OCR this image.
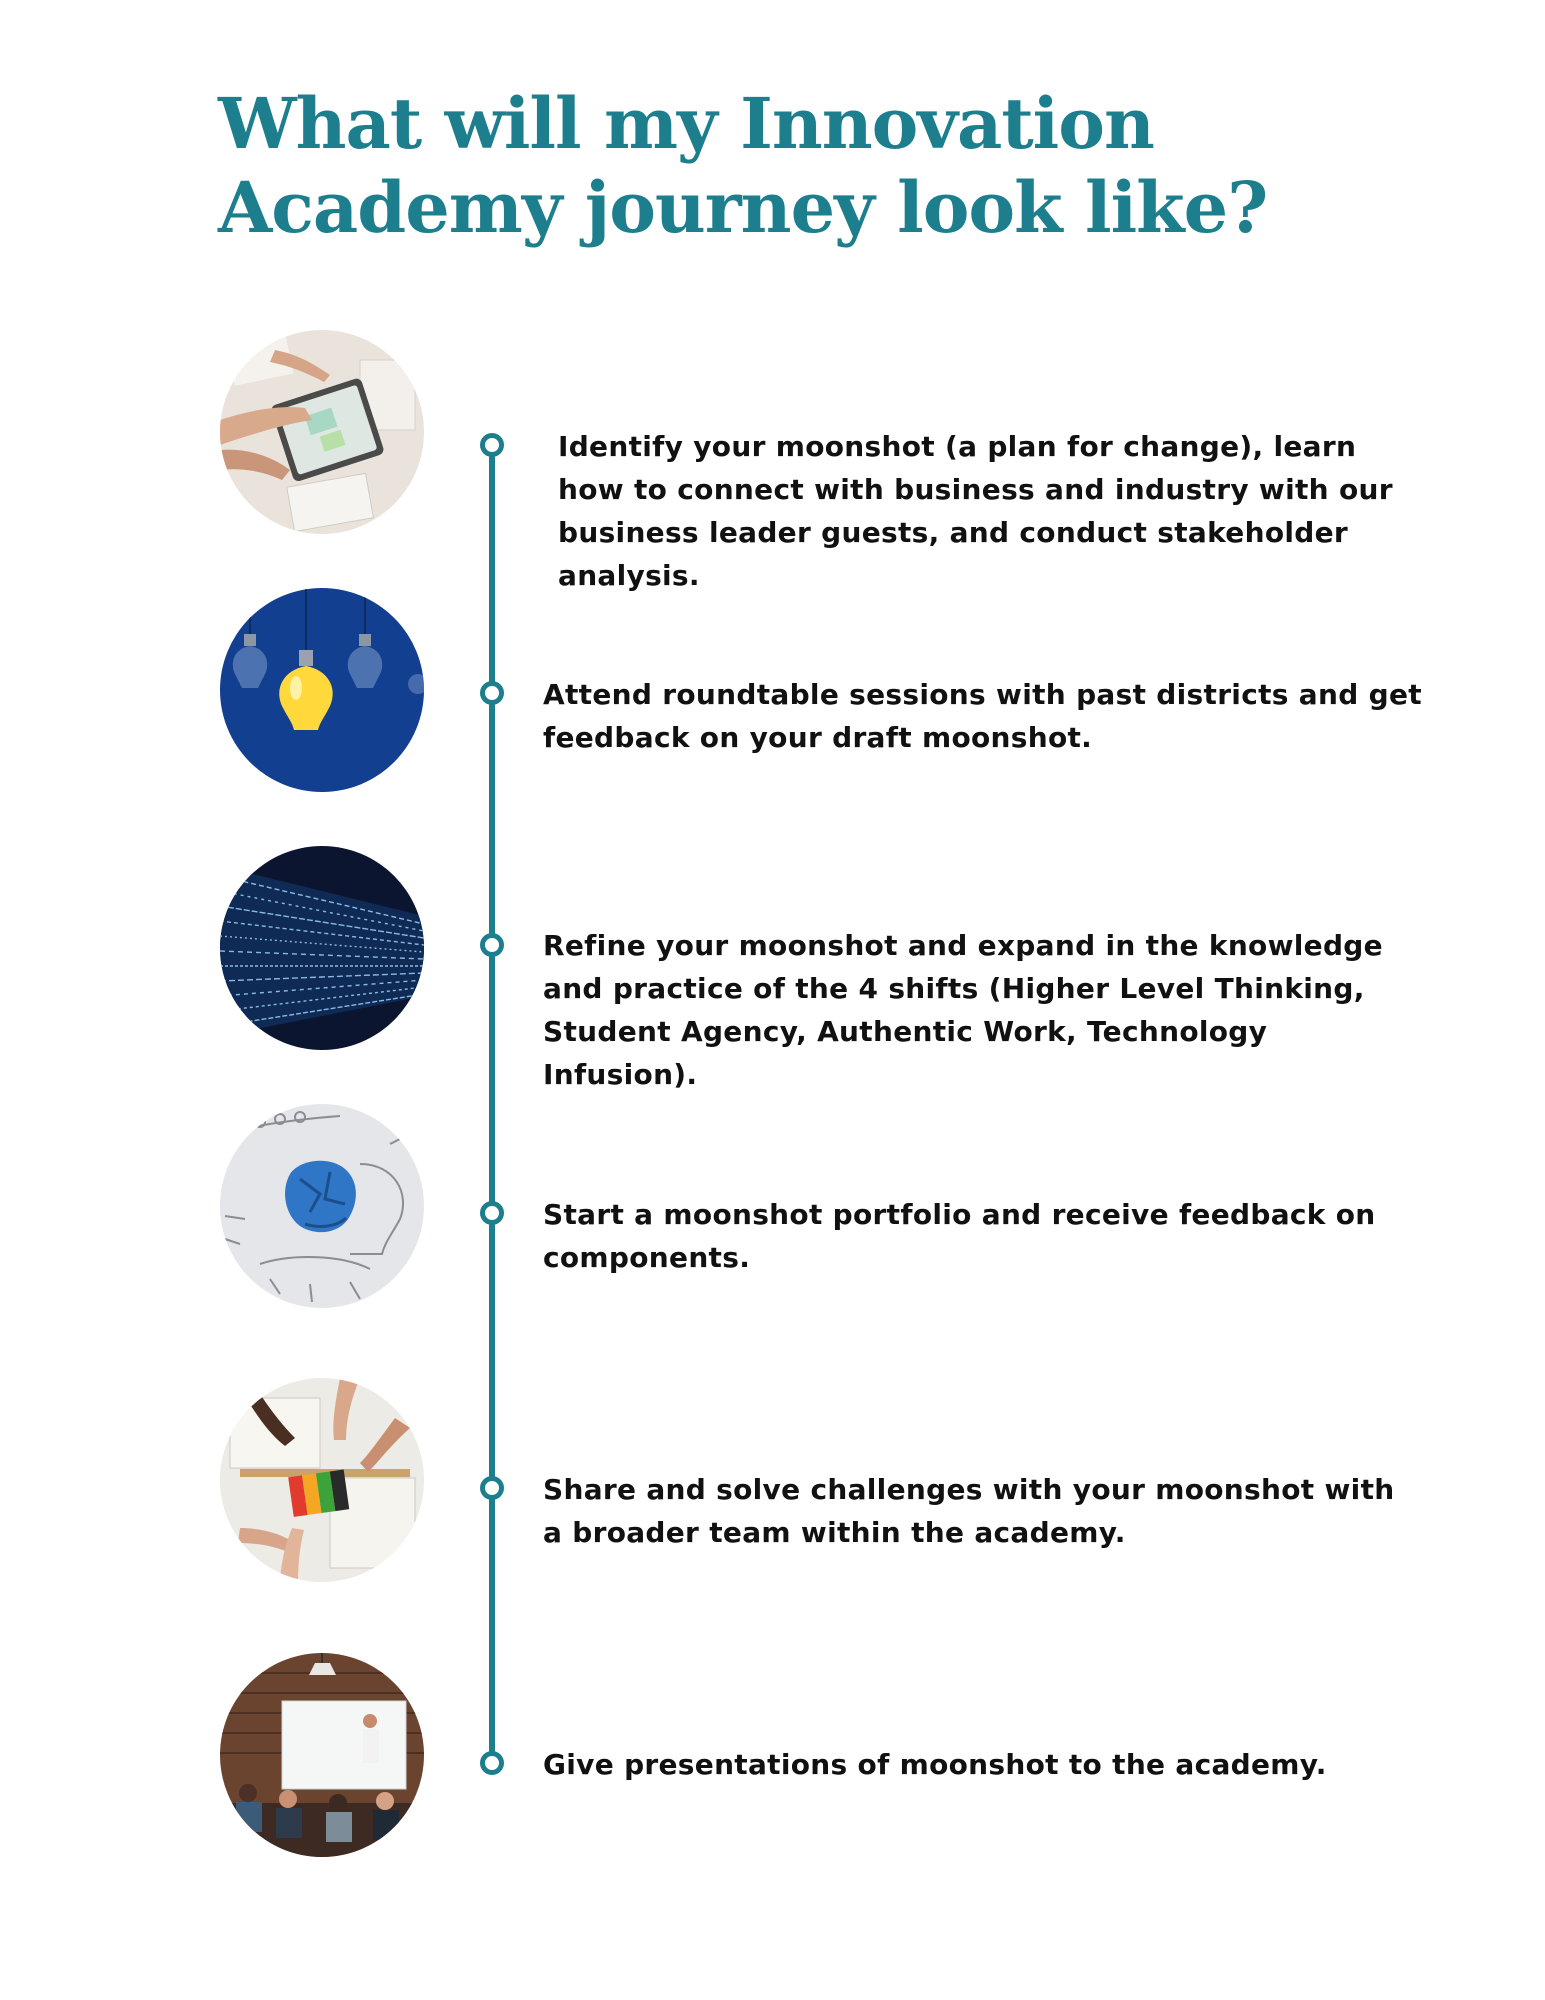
What will my Innovation Academy journey look like?

Identify your moonshot (a plan for change), learn how to connect with business and industry with our business leader guests, and conduct stakeholder analysis.

Attend roundtable sessions with past districts and get feedback on your draft moonshot.

Refine your moonshot and expand in the knowledge and practice of the 4 shifts (Higher Level Thinking, Student Agency, Authentic Work, Technology Infusion).

Start a moonshot portfolio and receive feedback on components.

Share and solve challenges with your moonshot with a broader team within the academy.

Give presentations of moonshot to the academy.
